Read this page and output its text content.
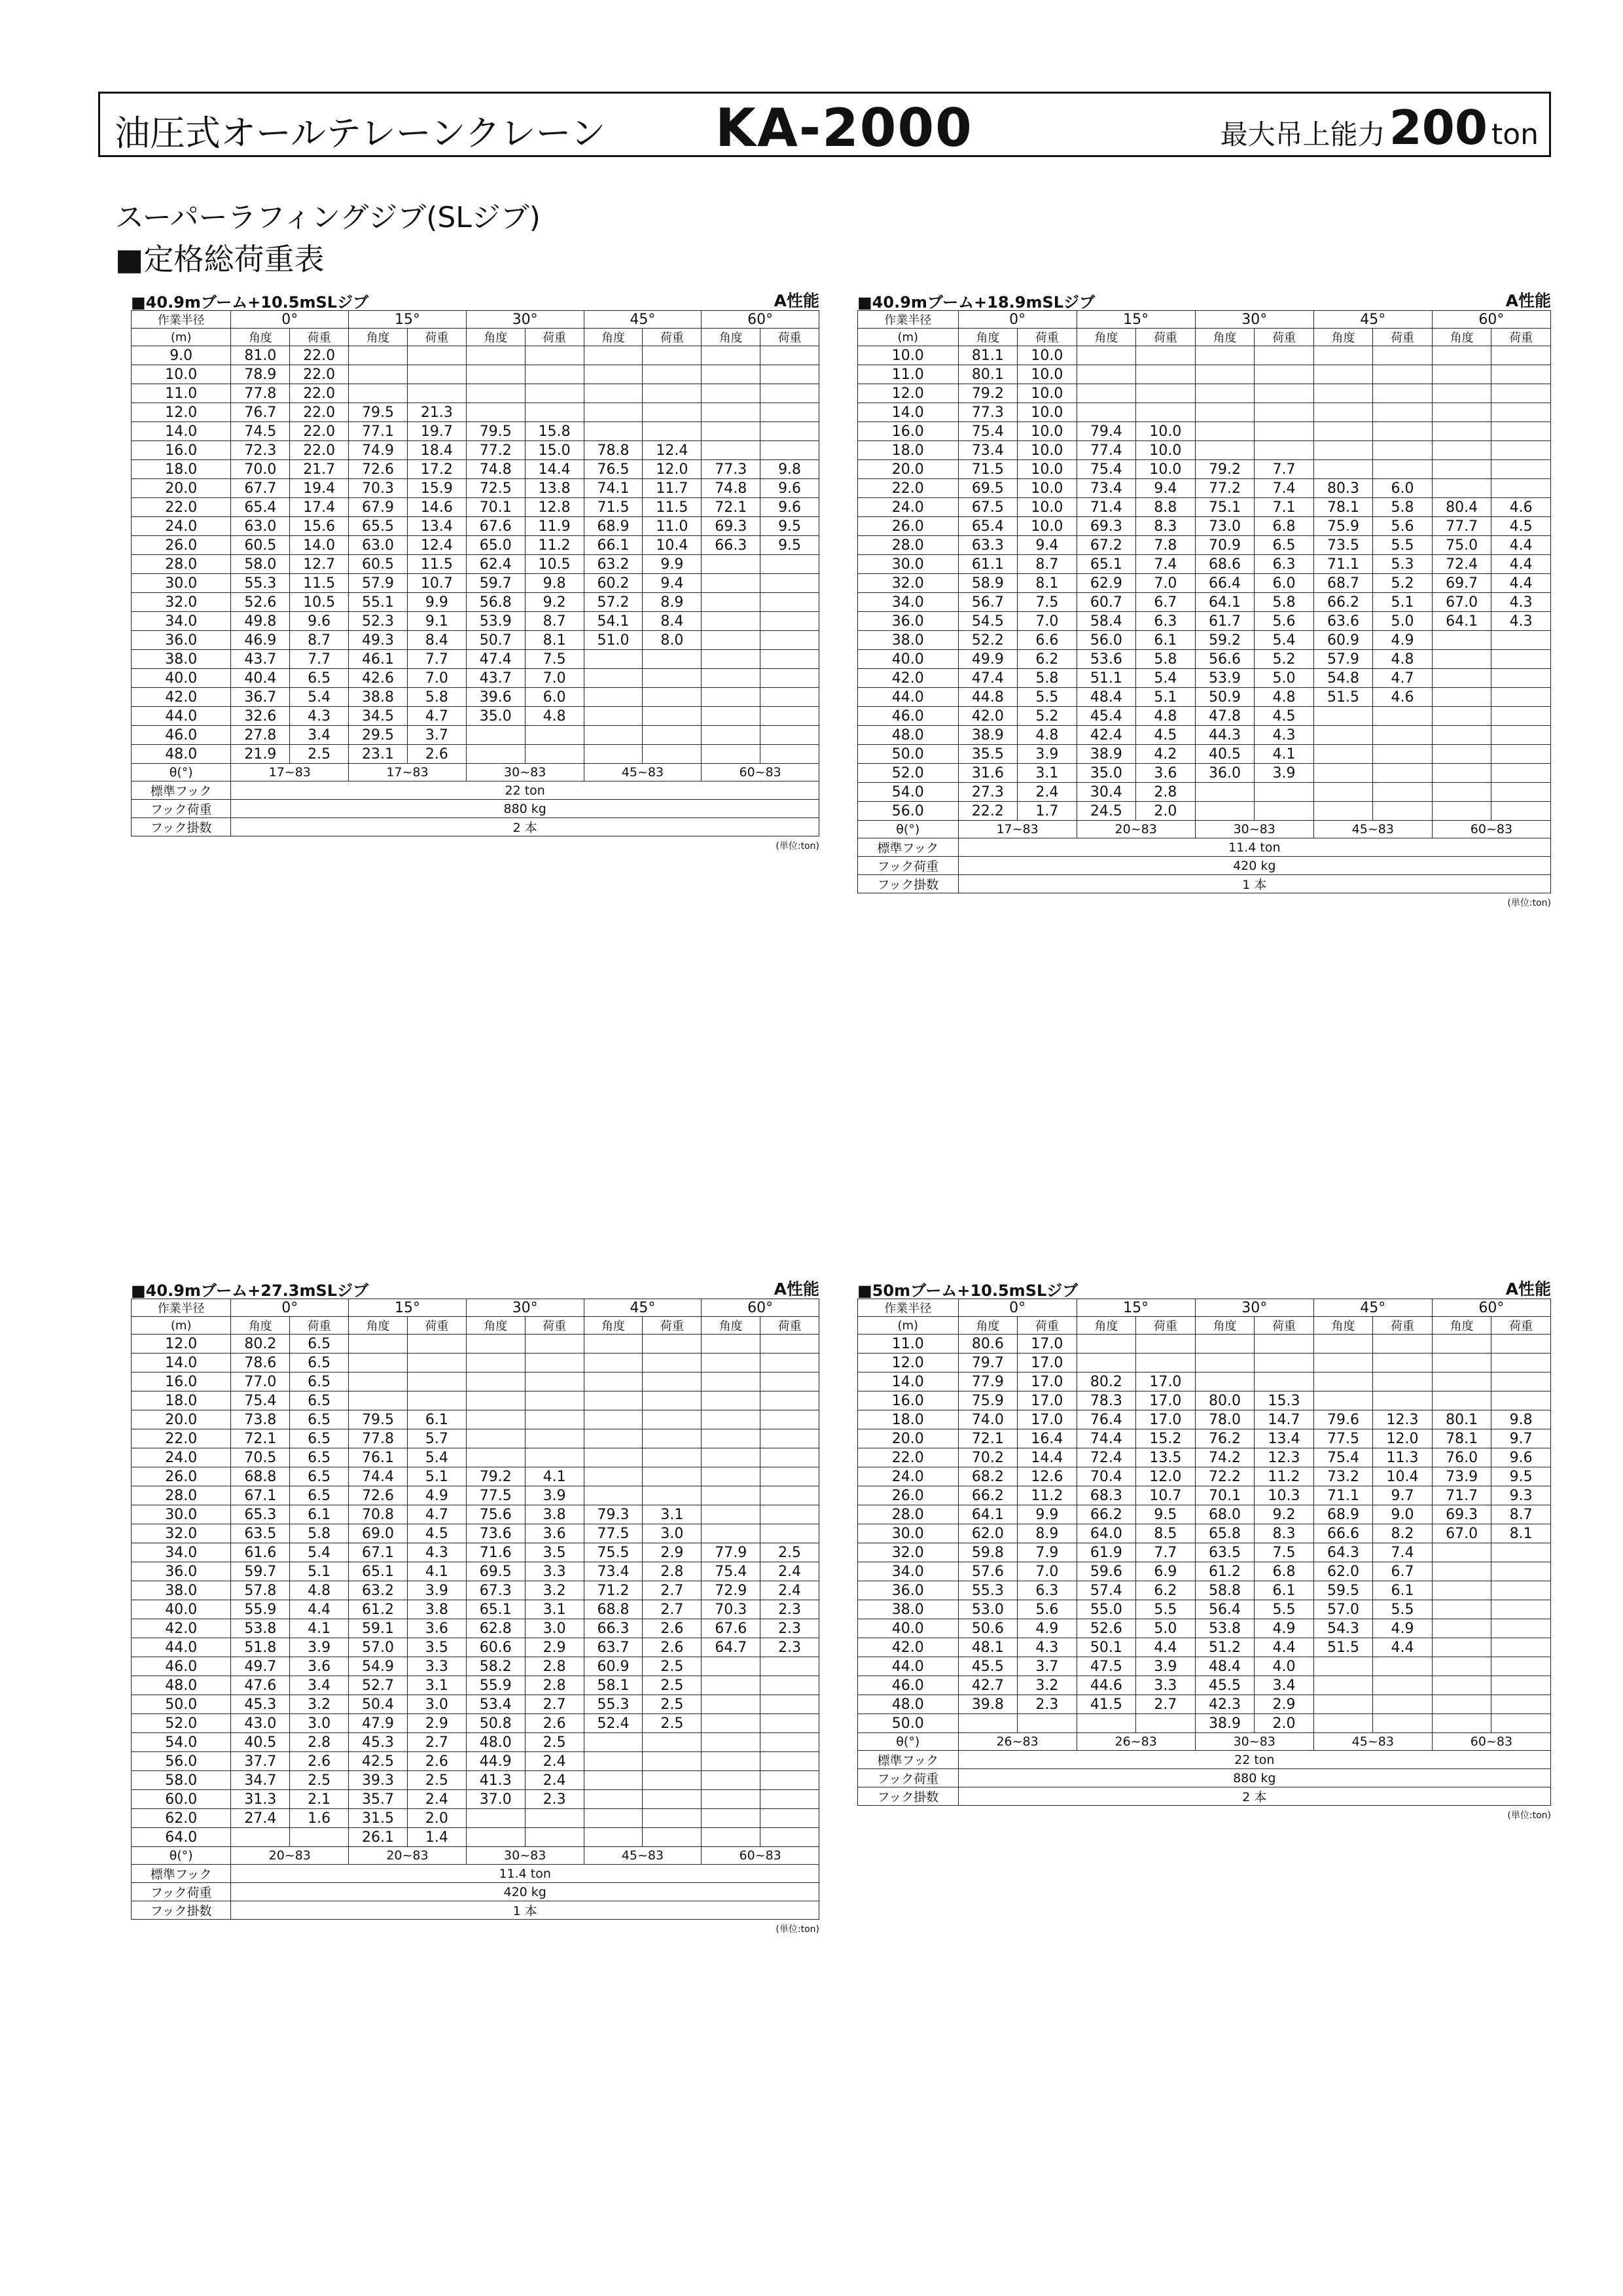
油圧式オールテレーンクレーン KA-2000	最大吊上能力200 ton
スーパーラフィングジブ(SLジブ)
■定格総荷重表
■40.9mブーム+10.5mSLジブ	A性能
作業半径	0°		15°		30°		45°		60°	
(m)	角度	荷重	角度	荷重	角度	荷重	角度	荷重	角度	荷重
9.0	81.0	22.0								
10.0	78.9	22.0								
11.0	77.8	22.0								
12.0	76.7	22.0	79.5	21.3						
14.0	74.5	22.0	77.1	19.7	79.5	15.8				
16.0	72.3	22.0	74.9	18.4	77.2	15.0	78.8	12.4		
18.0	70.0	21.7	72.6	17.2	74.8	14.4	76.5	12.0	77.3	9.8
20.0	67.7	19.4	70.3	15.9	72.5	13.8	74.1	11.7	74.8	9.6
22.0	65.4	17.4	67.9	14.6	70.1	12.8	71.5	11.5	72.1	9.6
24.0	63.0	15.6	65.5	13.4	67.6	11.9	68.9	11.0	69.3	9.5
26.0	60.5	14.0	63.0	12.4	65.0	11.2	66.1	10.4	66.3	9.5
28.0	58.0	12.7	60.5	11.5	62.4	10.5	63.2	9.9		
30.0	55.3	11.5	57.9	10.7	59.7	9.8	60.2	9.4		
32.0	52.6	10.5	55.1	9.9	56.8	9.2	57.2	8.9		
34.0	49.8	9.6	52.3	9.1	53.9	8.7	54.1	8.4		
36.0	46.9	8.7	49.3	8.4	50.7	8.1	51.0	8.0		
38.0	43.7	7.7	46.1	7.7	47.4	7.5				
40.0	40.4	6.5	42.6	7.0	43.7	7.0				
42.0	36.7	5.4	38.8	5.8	39.6	6.0				
44.0	32.6	4.3	34.5	4.7	35.0	4.8				
46.0	27.8	3.4	29.5	3.7						
48.0	21.9	2.5	23.1	2.6						
θ(°)	17~83		17~83		30~83		45~83		60~83	
標準フック	22 ton									
フック荷重	880 kg									
フック掛数	2 本									
(単位:ton)
■40.9mブーム+18.9mSLジブ	A性能
作業半径	0°		15°		30°		45°		60°	
(m)	角度	荷重	角度	荷重	角度	荷重	角度	荷重	角度	荷重
10.0	81.1	10.0								
11.0	80.1	10.0								
12.0	79.2	10.0								
14.0	77.3	10.0								
16.0	75.4	10.0	79.4	10.0						
18.0	73.4	10.0	77.4	10.0						
20.0	71.5	10.0	75.4	10.0	79.2	7.7				
22.0	69.5	10.0	73.4	9.4	77.2	7.4	80.3	6.0		
24.0	67.5	10.0	71.4	8.8	75.1	7.1	78.1	5.8	80.4	4.6
26.0	65.4	10.0	69.3	8.3	73.0	6.8	75.9	5.6	77.7	4.5
28.0	63.3	9.4	67.2	7.8	70.9	6.5	73.5	5.5	75.0	4.4
30.0	61.1	8.7	65.1	7.4	68.6	6.3	71.1	5.3	72.4	4.4
32.0	58.9	8.1	62.9	7.0	66.4	6.0	68.7	5.2	69.7	4.4
34.0	56.7	7.5	60.7	6.7	64.1	5.8	66.2	5.1	67.0	4.3
36.0	54.5	7.0	58.4	6.3	61.7	5.6	63.6	5.0	64.1	4.3
38.0	52.2	6.6	56.0	6.1	59.2	5.4	60.9	4.9		
40.0	49.9	6.2	53.6	5.8	56.6	5.2	57.9	4.8		
42.0	47.4	5.8	51.1	5.4	53.9	5.0	54.8	4.7		
44.0	44.8	5.5	48.4	5.1	50.9	4.8	51.5	4.6		
46.0	42.0	5.2	45.4	4.8	47.8	4.5				
48.0	38.9	4.8	42.4	4.5	44.3	4.3				
50.0	35.5	3.9	38.9	4.2	40.5	4.1				
52.0	31.6	3.1	35.0	3.6	36.0	3.9				
54.0	27.3	2.4	30.4	2.8						
56.0	22.2	1.7	24.5	2.0						
θ(°)	17~83		20~83		30~83		45~83		60~83	
標準フック	11.4 ton									
フック荷重	420 kg									
フック掛数	1 本									
(単位:ton)
■40.9mブーム+27.3mSLジブ	A性能
作業半径	0°		15°		30°		45°		60°	
(m)	角度	荷重	角度	荷重	角度	荷重	角度	荷重	角度	荷重
12.0	80.2	6.5								
14.0	78.6	6.5								
16.0	77.0	6.5								
18.0	75.4	6.5								
20.0	73.8	6.5	79.5	6.1						
22.0	72.1	6.5	77.8	5.7						
24.0	70.5	6.5	76.1	5.4						
26.0	68.8	6.5	74.4	5.1	79.2	4.1				
28.0	67.1	6.5	72.6	4.9	77.5	3.9				
30.0	65.3	6.1	70.8	4.7	75.6	3.8	79.3	3.1		
32.0	63.5	5.8	69.0	4.5	73.6	3.6	77.5	3.0		
34.0	61.6	5.4	67.1	4.3	71.6	3.5	75.5	2.9	77.9	2.5
36.0	59.7	5.1	65.1	4.1	69.5	3.3	73.4	2.8	75.4	2.4
38.0	57.8	4.8	63.2	3.9	67.3	3.2	71.2	2.7	72.9	2.4
40.0	55.9	4.4	61.2	3.8	65.1	3.1	68.8	2.7	70.3	2.3
42.0	53.8	4.1	59.1	3.6	62.8	3.0	66.3	2.6	67.6	2.3
44.0	51.8	3.9	57.0	3.5	60.6	2.9	63.7	2.6	64.7	2.3
46.0	49.7	3.6	54.9	3.3	58.2	2.8	60.9	2.5		
48.0	47.6	3.4	52.7	3.1	55.9	2.8	58.1	2.5		
50.0	45.3	3.2	50.4	3.0	53.4	2.7	55.3	2.5		
52.0	43.0	3.0	47.9	2.9	50.8	2.6	52.4	2.5		
54.0	40.5	2.8	45.3	2.7	48.0	2.5				
56.0	37.7	2.6	42.5	2.6	44.9	2.4				
58.0	34.7	2.5	39.3	2.5	41.3	2.4				
60.0	31.3	2.1	35.7	2.4	37.0	2.3				
62.0	27.4	1.6	31.5	2.0						
64.0			26.1	1.4						
θ(°)	20~83		20~83		30~83		45~83		60~83	
標準フック	11.4 ton									
フック荷重	420 kg									
フック掛数	1 本									
(単位:ton)
■50mブーム+10.5mSLジブ	A性能
作業半径	0°		15°		30°		45°		60°	
(m)	角度	荷重	角度	荷重	角度	荷重	角度	荷重	角度	荷重
11.0	80.6	17.0								
12.0	79.7	17.0								
14.0	77.9	17.0	80.2	17.0						
16.0	75.9	17.0	78.3	17.0	80.0	15.3				
18.0	74.0	17.0	76.4	17.0	78.0	14.7	79.6	12.3	80.1	9.8
20.0	72.1	16.4	74.4	15.2	76.2	13.4	77.5	12.0	78.1	9.7
22.0	70.2	14.4	72.4	13.5	74.2	12.3	75.4	11.3	76.0	9.6
24.0	68.2	12.6	70.4	12.0	72.2	11.2	73.2	10.4	73.9	9.5
26.0	66.2	11.2	68.3	10.7	70.1	10.3	71.1	9.7	71.7	9.3
28.0	64.1	9.9	66.2	9.5	68.0	9.2	68.9	9.0	69.3	8.7
30.0	62.0	8.9	64.0	8.5	65.8	8.3	66.6	8.2	67.0	8.1
32.0	59.8	7.9	61.9	7.7	63.5	7.5	64.3	7.4		
34.0	57.6	7.0	59.6	6.9	61.2	6.8	62.0	6.7		
36.0	55.3	6.3	57.4	6.2	58.8	6.1	59.5	6.1		
38.0	53.0	5.6	55.0	5.5	56.4	5.5	57.0	5.5		
40.0	50.6	4.9	52.6	5.0	53.8	4.9	54.3	4.9		
42.0	48.1	4.3	50.1	4.4	51.2	4.4	51.5	4.4		
44.0	45.5	3.7	47.5	3.9	48.4	4.0				
46.0	42.7	3.2	44.6	3.3	45.5	3.4				
48.0	39.8	2.3	41.5	2.7	42.3	2.9				
50.0					38.9	2.0				
θ(°)	26~83		26~83		30~83		45~83		60~83	
標準フック	22 ton									
フック荷重	880 kg									
フック掛数	2 本									
(単位:ton)
